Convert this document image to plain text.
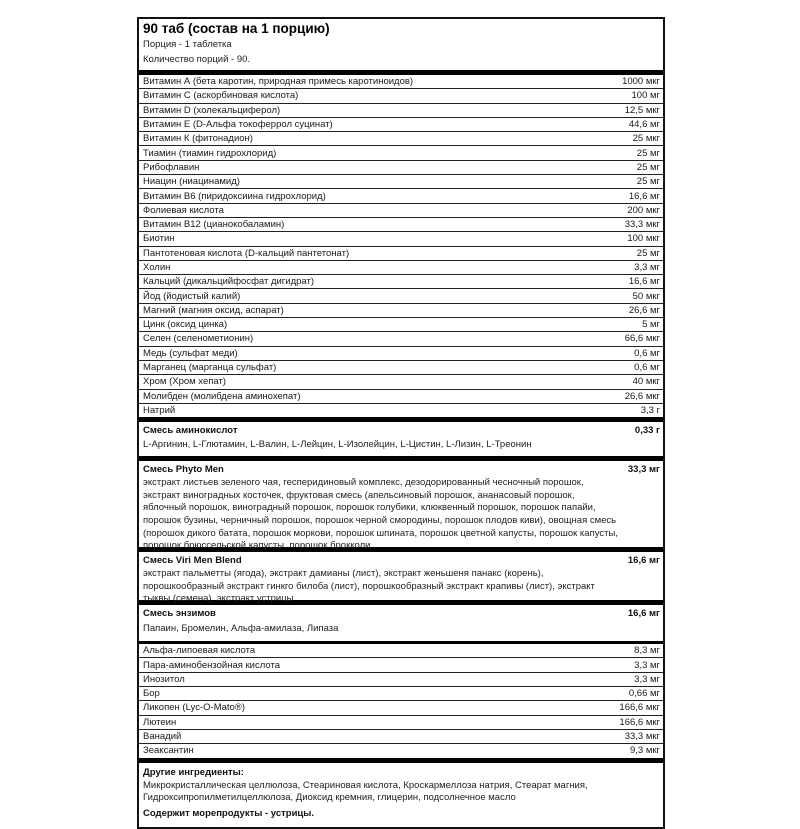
90 таб (состав на 1 порцию)
Порция - 1 таблетка
Количество порций - 90.
Витамин А (бета каротин, природная примесь каротиноидов)	1000 мкг
Витамин С (аскорбиновая кислота)	100 мг
Витамин D (холекальциферол)	12,5 мкг
Витамин Е (D-Альфа токоферрол суцинат)	44,6 мг
Витамин К (фитонадион)	25 мкг
Тиамин (тиамин гидрохлорид)	25 мг
Рибофлавин	25 мг
Ниацин (ниацинамид)	25 мг
Витамин В6 (пиридоксиина гидрохлорид)	16,6 мг
Фолиевая кислота	200 мкг
Витамин В12 (цианокобаламин)	33,3 мкг
Биотин	100 мкг
Пантотеновая кислота (D-кальций пантетонат)	25 мг
Холин	3,3 мг
Кальций (дикальцийфосфат дигидрат)	16,6 мг
Йод (йодистый калий)	50 мкг
Магний (магния оксид, аспарат)	26,6 мг
Цинк (оксид цинка)	5 мг
Селен (селенометионин)	66,6 мкг
Медь (сульфат меди)	0,6 мг
Марганец (марганца сульфат)	0,6 мг
Хром (Хром хепат)	40 мкг
Молибден (молибдена аминохепат)	26,6 мкг
Натрий	3,3 г
Смесь аминокислот	0,33 г
L-Аргинин, L-Глютамин, L-Валин, L-Лейцин, L-Изолейцин, L-Цистин, L-Лизин, L-Треонин
Смесь Phyto Men	33,3 мг
экстракт листьев зеленого чая, гесперидиновый комплекс, дезодорированный чесночный порошок, экстракт виноградных косточек, фруктовая смесь (апельсиновый порошок, ананасовый порошок, яблочный порошок, виноградный порошок, порошок голубики, клюквенный порошок, порошок папайи, порошок бузины, черничный порошок, порошок черной смородины, порошок плодов киви), овощная смесь (порошок дикого батата, порошок моркови, порошок шпината, порошок цветной капусты, порошок капусты, порошок брюссельской капусты, порошок брокколи
Смесь Viri Men Blend	16,6 мг
экстракт пальметты (ягода), экстракт дамианы (лист), экстракт женьшеня панакс (корень), порошкообразный экстракт гинкго билоба (лист), порошкообразный экстракт крапивы (лист), экстракт тыквы (семена), экстракт устрицы
Смесь энзимов	16,6 мг
Папаин, Бромелин, Альфа-амилаза, Липаза
Альфа-липоевая кислота	8,3 мг
Пара-аминобензойная кислота	3,3 мг
Инозитол	3,3 мг
Бор	0,66 мг
Ликопен (Lyc-O-Mato®)	166,6 мкг
Лютеин	166,6 мкг
Ванадий	33,3 мкг
Зеаксантин	9,3 мкг
Другие ингредиенты:
Микрокристаллическая целлюлоза, Стеариновая кислота, Кроскармеллоза натрия, Стеарат магния, Гидроксипропилметилцеллюлоза, Диоксид кремния, глицерин, подсолнечное масло
Содержит морепродукты - устрицы.
